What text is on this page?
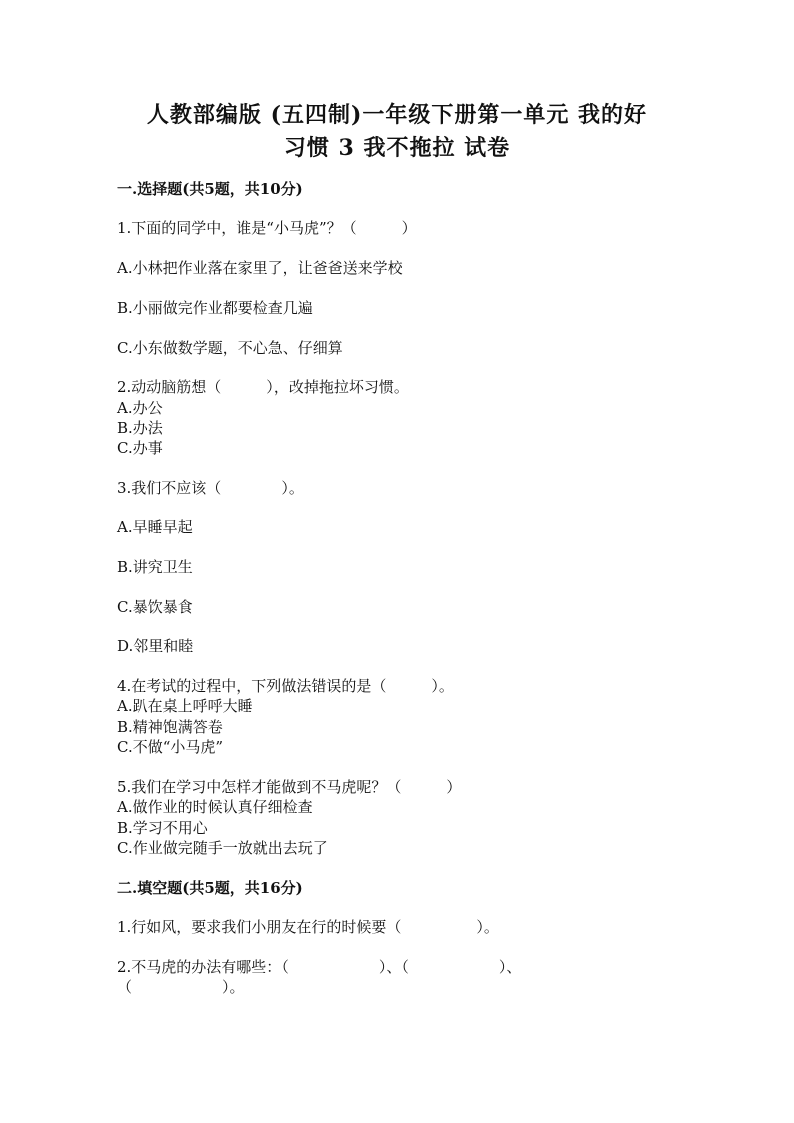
人教部编版 (五四制)一年级下册第一单元 我的好
习惯 3 我不拖拉 试卷
一.选择题(共5题，共10分)
1.下面的同学中，谁是“小马虎”？（　　　）
A.小林把作业落在家里了，让爸爸送来学校
B.小丽做完作业都要检查几遍
C.小东做数学题，不心急、仔细算
2.动动脑筋想（　　　），改掉拖拉坏习惯。
A.办公
B.办法
C.办事
3.我们不应该（　　　　）。
A.早睡早起
B.讲究卫生
C.暴饮暴食
D.邻里和睦
4.在考试的过程中，下列做法错误的是（　　　）。
A.趴在桌上呼呼大睡
B.精神饱满答卷
C.不做“小马虎”
5.我们在学习中怎样才能做到不马虎呢？（　　　）
A.做作业的时候认真仔细检查
B.学习不用心
C.作业做完随手一放就出去玩了
二.填空题(共5题，共16分)
1.行如风，要求我们小朋友在行的时候要（　　　　　）。
2.不马虎的办法有哪些：（　　　　　　）、（　　　　　　）、
（　　　　　　）。
